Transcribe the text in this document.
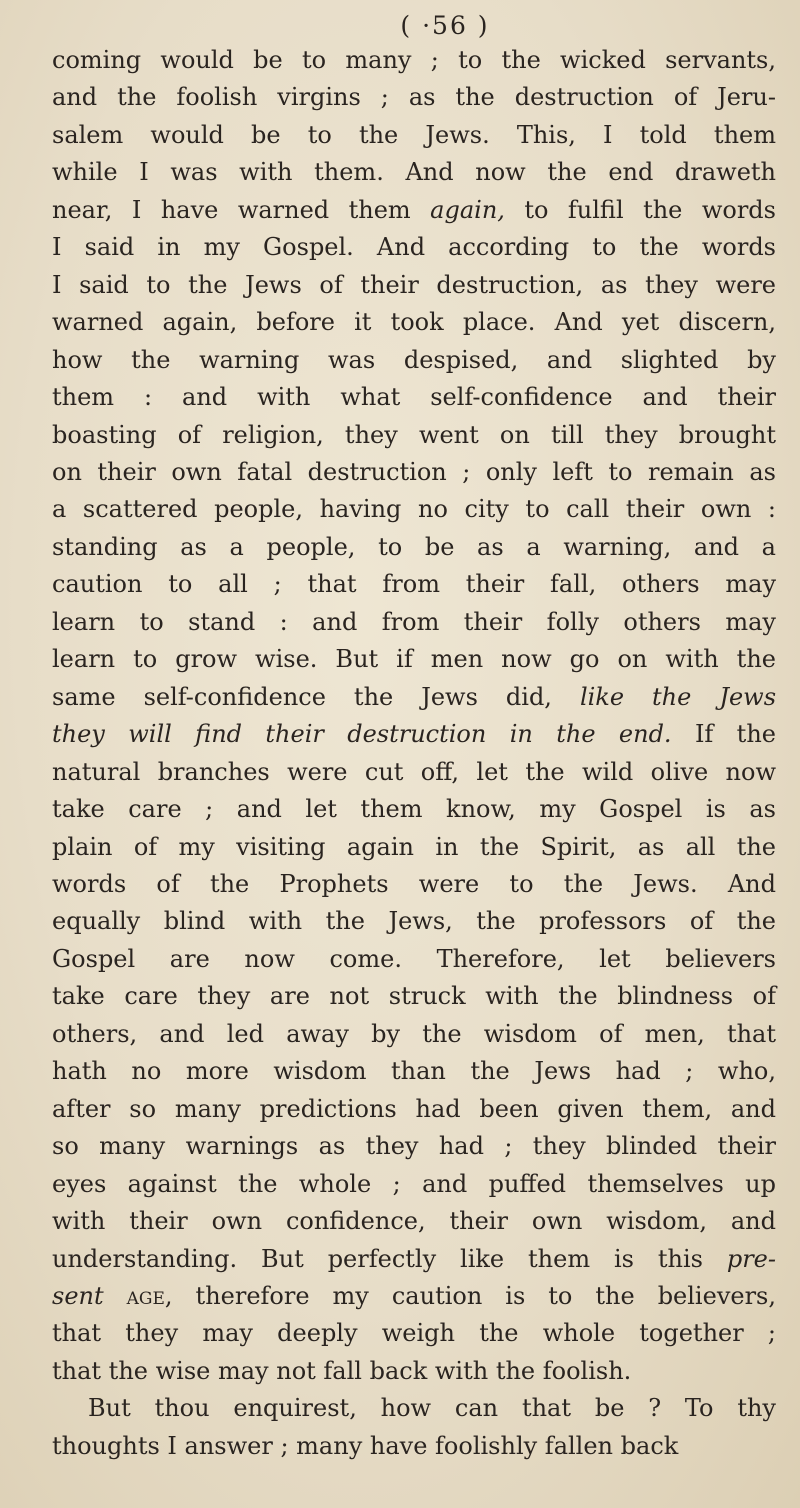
( ·56 )
coming would be to many ; to the wicked servants,
and the foolish virgins ; as the destruction of Jeru-
salem would be to the Jews. This, I told them
while I was with them. And now the end draweth
near, I have warned them again, to fulfil the words
I said in my Gospel. And according to the words
I said to the Jews of their destruction, as they were
warned again, before it took place. And yet discern,
how the warning was despised, and slighted by
them : and with what self-confidence and their
boasting of religion, they went on till they brought
on their own fatal destruction ; only left to remain as
a scattered people, having no city to call their own :
standing as a people, to be as a warning, and a
caution to all ; that from their fall, others may
learn to stand : and from their folly others may
learn to grow wise. But if men now go on with the
same self-confidence the Jews did, like the Jews
they will find their destruction in the end. If the
natural branches were cut off, let the wild olive now
take care ; and let them know, my Gospel is as
plain of my visiting again in the Spirit, as all the
words of the Prophets were to the Jews. And
equally blind with the Jews, the professors of the
Gospel are now come. Therefore, let believers
take care they are not struck with the blindness of
others, and led away by the wisdom of men, that
hath no more wisdom than the Jews had ; who,
after so many predictions had been given them, and
so many warnings as they had ; they blinded their
eyes against the whole ; and puffed themselves up
with their own confidence, their own wisdom, and
understanding. But perfectly like them is this pre-
sent age, therefore my caution is to the believers,
that they may deeply weigh the whole together ;
that the wise may not fall back with the foolish.
But thou enquirest, how can that be ? To thy
thoughts I answer ; many have foolishly fallen back
